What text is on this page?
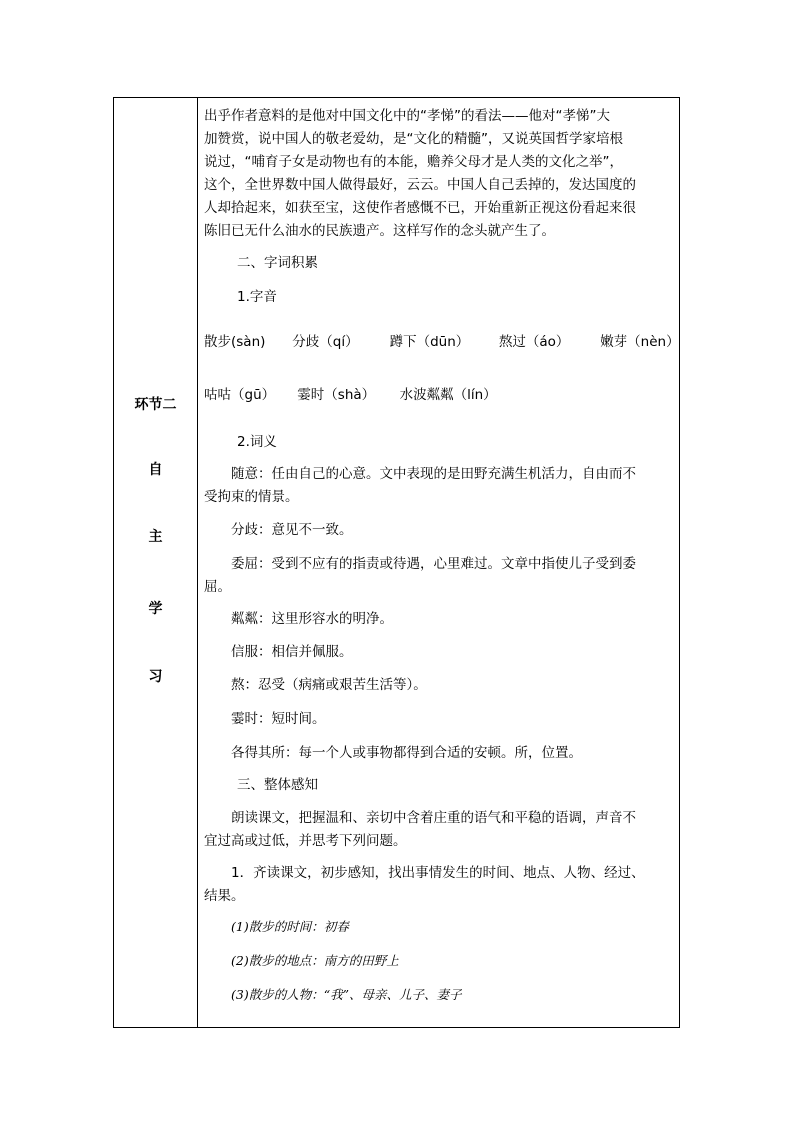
环节二
自
主
学
习

出乎作者意料的是他对中国文化中的“孝悌”的看法——他对“孝悌”大

加赞赏，说中国人的敬老爱幼，是“文化的精髓”，又说英国哲学家培根

说过，“哺育子女是动物也有的本能，赡养父母才是人类的文化之举”，

这个，全世界数中国人做得最好，云云。中国人自己丢掉的，发达国度的

人却拾起来，如获至宝，这使作者感慨不已，开始重新正视这份看起来很

陈旧已无什么油水的民族遗产。这样写作的念头就产生了。

二、字词积累
1.字音
散步(sàn) 分歧（qí） 蹲下（dūn） 熬过（áo） 嫩芽（nèn）
咕咕（gū） 霎时（shà） 水波粼粼（lín）
2.词义

随意：任由自己的心意。文中表现的是田野充满生机活力，自由而不

受拘束的情景。

分歧：意见不一致。

委屈：受到不应有的指责或待遇，心里难过。文章中指使儿子受到委

屈。

粼粼：这里形容水的明净。

信服：相信并佩服。

熬：忍受（病痛或艰苦生活等）。

霎时：短时间。

各得其所：每一个人或事物都得到合适的安顿。所，位置。

三、整体感知

朗读课文，把握温和、亲切中含着庄重的语气和平稳的语调，声音不

宜过高或过低，并思考下列问题。

1．齐读课文，初步感知，找出事情发生的时间、地点、人物、经过、

结果。

(1)散步的时间：初春
(2)散步的地点：南方的田野上
(3)散步的人物：“我”、母亲、儿子、妻子
